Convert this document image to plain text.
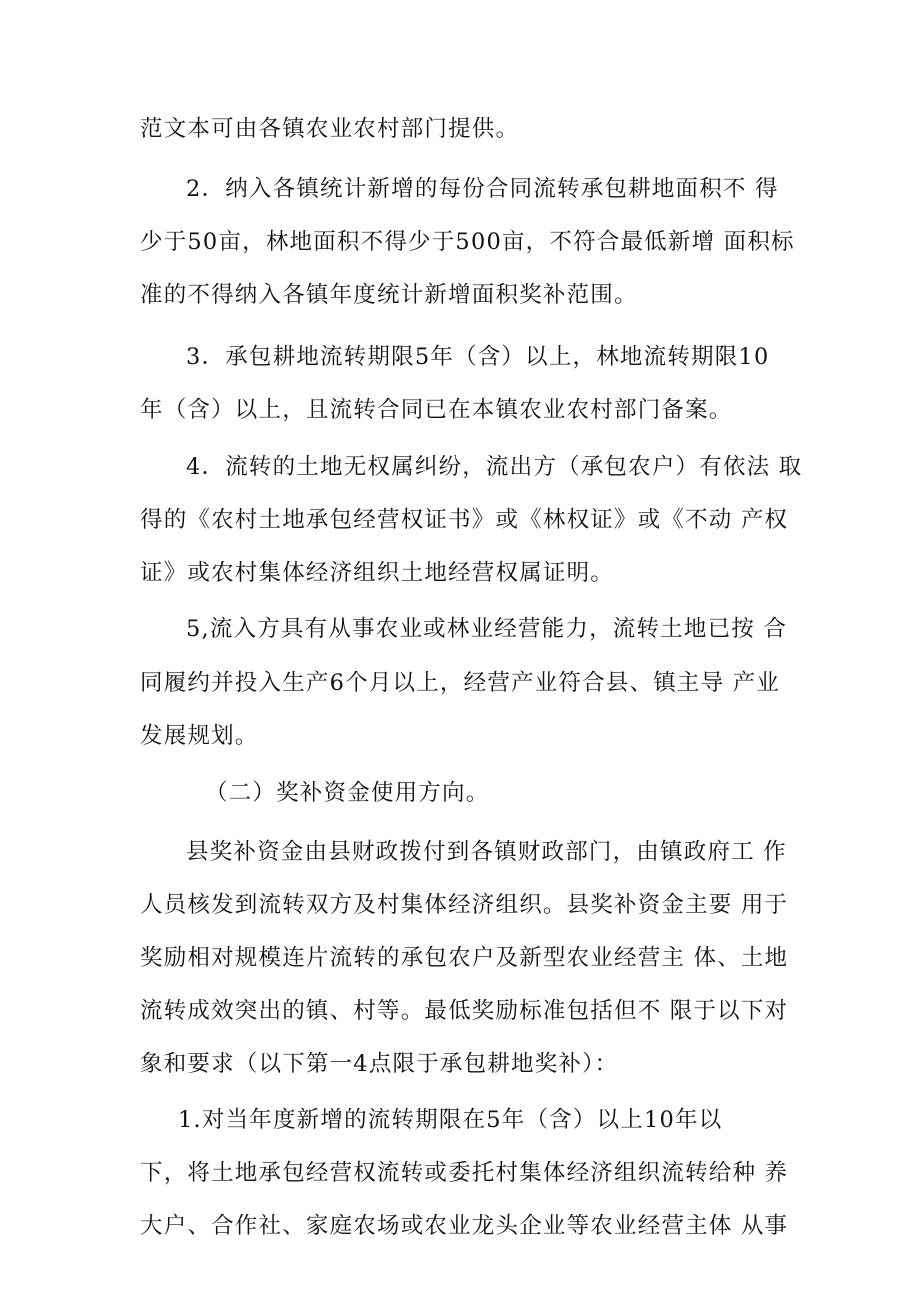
范文本可由各镇农业农村部门提供。
2．纳入各镇统计新增的每份合同流转承包耕地面积不 得
少于50亩，林地面积不得少于500亩，不符合最低新增 面积标
准的不得纳入各镇年度统计新增面积奖补范围。
3．承包耕地流转期限5年（含）以上，林地流转期限10
年（含）以上，且流转合同已在本镇农业农村部门备案。
4．流转的土地无权属纠纷，流出方（承包农户）有依法 取
得的《农村土地承包经营权证书》或《林权证》或《不动 产权
证》或农村集体经济组织土地经营权属证明。
5,流入方具有从事农业或林业经营能力，流转土地已按 合
同履约并投入生产6个月以上，经营产业符合县、镇主导 产业
发展规划。
（二）奖补资金使用方向。
县奖补资金由县财政拨付到各镇财政部门，由镇政府工 作
人员核发到流转双方及村集体经济组织。县奖补资金主要 用于
奖励相对规模连片流转的承包农户及新型农业经营主 体、土地
流转成效突出的镇、村等。最低奖励标准包括但不 限于以下对
象和要求（以下第一4点限于承包耕地奖补）：
1.对当年度新增的流转期限在5年（含）以上10年以
下，将土地承包经营权流转或委托村集体经济组织流转给种 养
大户、合作社、家庭农场或农业龙头企业等农业经营主体 从事
